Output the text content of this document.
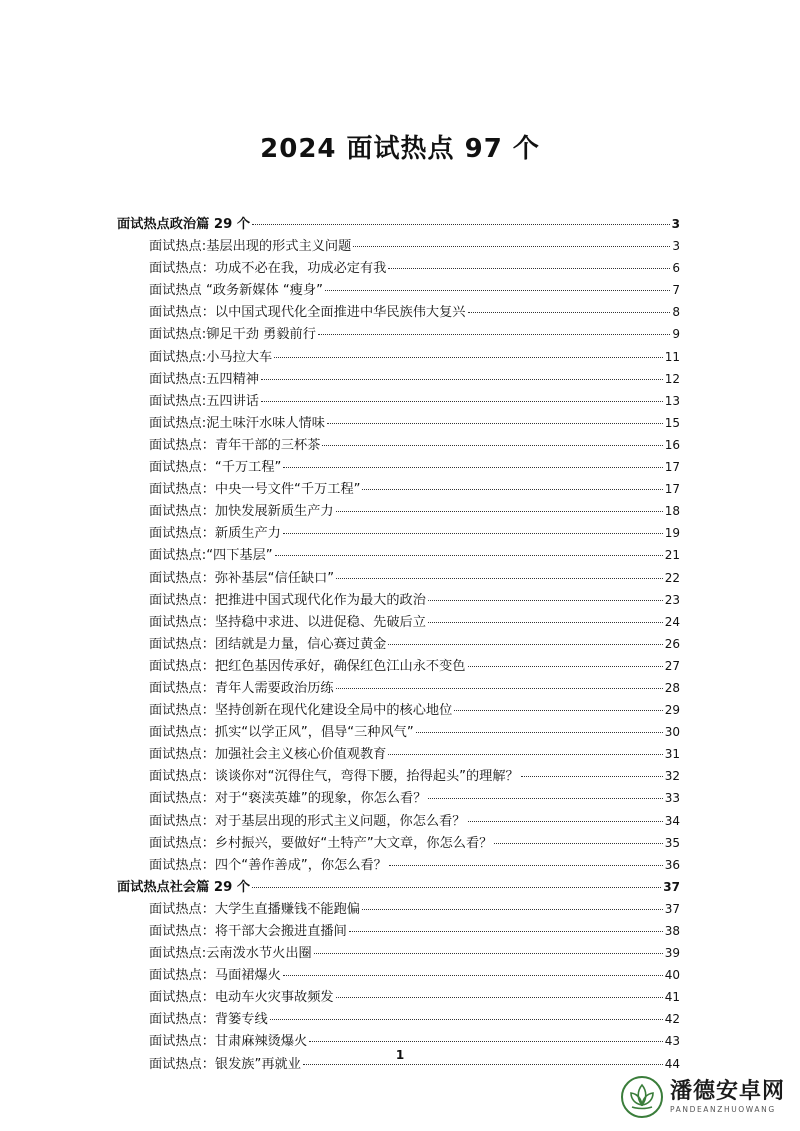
2024 面试热点 97 个
面试热点政治篇 29 个	3
面试热点:基层出现的形式主义问题	3
面试热点：功成不必在我，功成必定有我	6
面试热点 “政务新媒体 “瘦身”	7
面试热点：以中国式现代化全面推进中华民族伟大复兴	8
面试热点:铆足干劲 勇毅前行	9
面试热点:小马拉大车	11
面试热点:五四精神	12
面试热点:五四讲话	13
面试热点:泥土味汗水味人情味	15
面试热点：青年干部的三杯茶	16
面试热点：“千万工程”	17
面试热点：中央一号文件“千万工程”	17
面试热点：加快发展新质生产力	18
面试热点：新质生产力	19
面试热点:“四下基层”	21
面试热点：弥补基层“信任缺口”	22
面试热点：把推进中国式现代化作为最大的政治	23
面试热点：坚持稳中求进、以进促稳、先破后立	24
面试热点：团结就是力量，信心赛过黄金	26
面试热点：把红色基因传承好，确保红色江山永不变色	27
面试热点：青年人需要政治历练	28
面试热点：坚持创新在现代化建设全局中的核心地位	29
面试热点：抓实“以学正风”，倡导“三种风气”	30
面试热点：加强社会主义核心价值观教育	31
面试热点：谈谈你对“沉得住气，弯得下腰，抬得起头”的理解？	32
面试热点：对于“亵渎英雄”的现象，你怎么看？	33
面试热点：对于基层出现的形式主义问题，你怎么看？	34
面试热点：乡村振兴，要做好“土特产”大文章，你怎么看？	35
面试热点：四个“善作善成”，你怎么看？	36
面试热点社会篇 29 个	37
面试热点：大学生直播赚钱不能跑偏	37
面试热点：将干部大会搬进直播间	38
面试热点:云南泼水节火出圈	39
面试热点：马面裙爆火	40
面试热点：电动车火灾事故频发	41
面试热点：背篓专线	42
面试热点：甘肃麻辣烫爆火	43
面试热点：银发族”再就业	44
1
潘德安卓网
PANDEANZHUOWANG
